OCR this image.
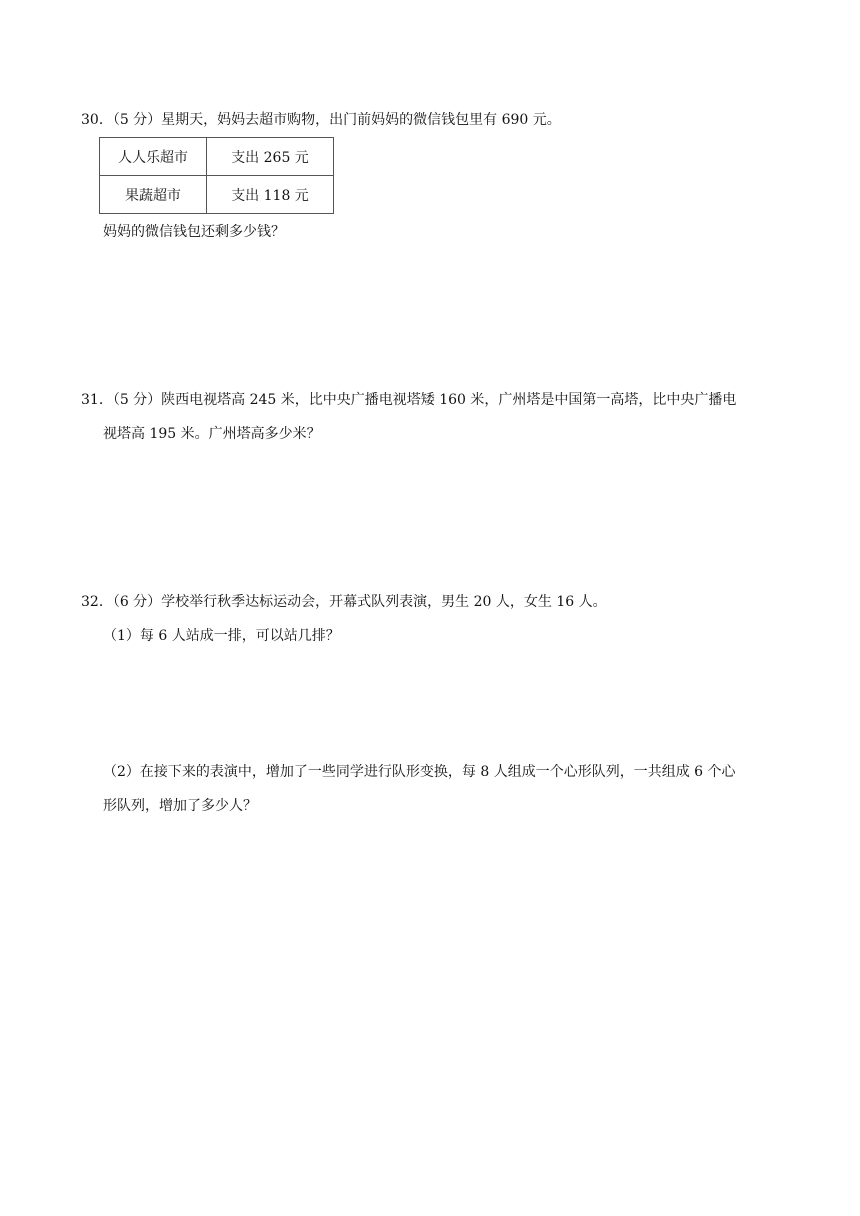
30．（5 分）星期天，妈妈去超市购物，出门前妈妈的微信钱包里有 690 元。
人人乐超市	支出 265 元
果蔬超市	支出 118 元
妈妈的微信钱包还剩多少钱？
31．（5 分）陕西电视塔高 245 米，比中央广播电视塔矮 160 米，广州塔是中国第一高塔，比中央广播电
视塔高 195 米。广州塔高多少米？
32．（6 分）学校举行秋季达标运动会，开幕式队列表演，男生 20 人，女生 16 人。
（1）每 6 人站成一排，可以站几排？
（2）在接下来的表演中，增加了一些同学进行队形变换，每 8 人组成一个心形队列，一共组成 6 个心
形队列，增加了多少人？
